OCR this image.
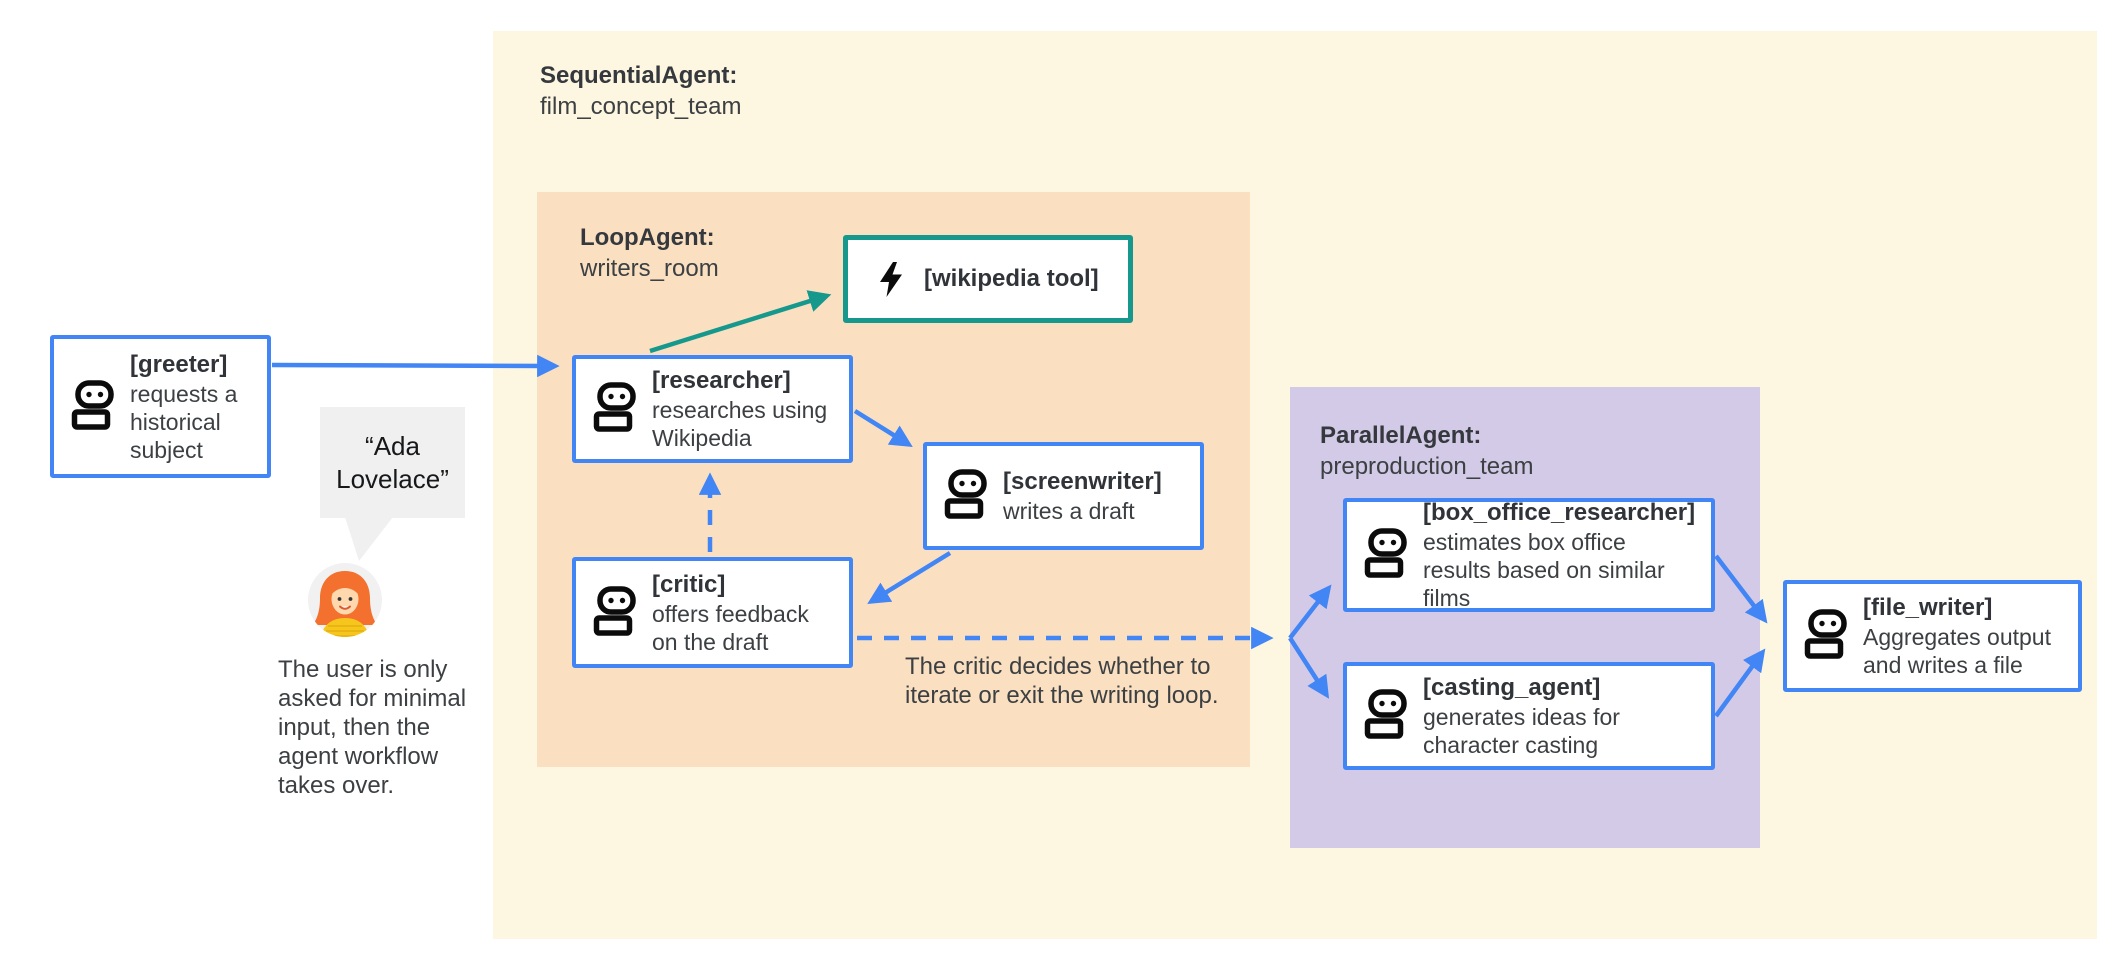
SequentialAgent:
film_concept_team
LoopAgent:
writers_room
ParallelAgent:
preproduction_team
[greeter]
requests a historical subject
[researcher]
researches using Wikipedia
[screenwriter]
writes a draft
[critic]
offers feedback on the draft
[wikipedia tool]
[box_office_researcher]
estimates box office results based on similar films
[casting_agent]
generates ideas for character casting
[file_writer]
Aggregates output and writes a file
“Ada Lovelace”
The user is only asked for minimal input, then the agent workflow takes over.
The critic decides whether to iterate or exit the writing loop.
